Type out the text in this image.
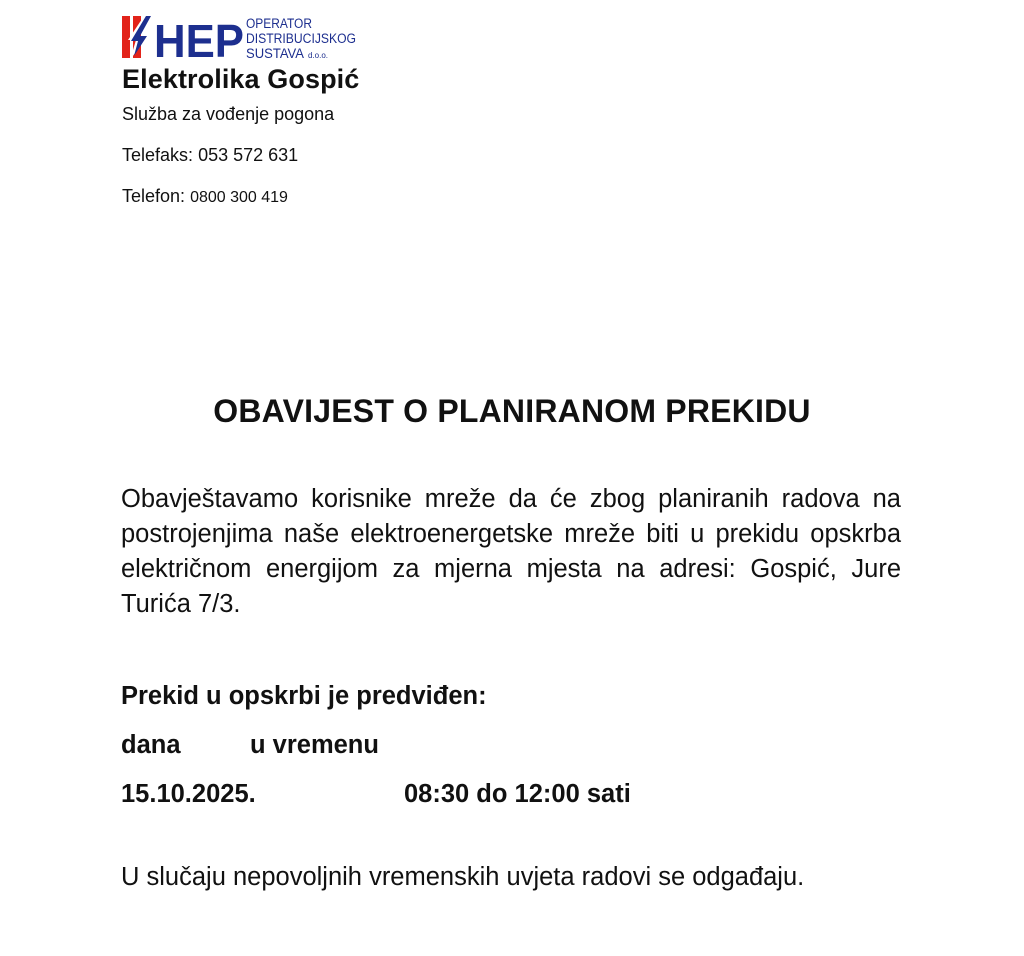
HEP OPERATOR
DISTRIBUCIJSKOG
SUSTAVA d.o.o.
Elektrolika Gospić
Služba za vođenje pogona
Telefaks: 053 572 631
Telefon: 0800 300 419
OBAVIJEST O PLANIRANOM PREKIDU

Obavještavamo korisnike mreže da će zbog planiranih radova na postrojenjima naše elektroenergetske mreže biti u prekidu opskrba električnom energijom za mjerna mjesta na adresi: Gospić, Jure Turića 7/3.

Prekid u opskrbi je predviđen:
dana	u vremenu
15.10.2025.	08:30 do 12:00 sati

U slučaju nepovoljnih vremenskih uvjeta radovi se odgađaju.
